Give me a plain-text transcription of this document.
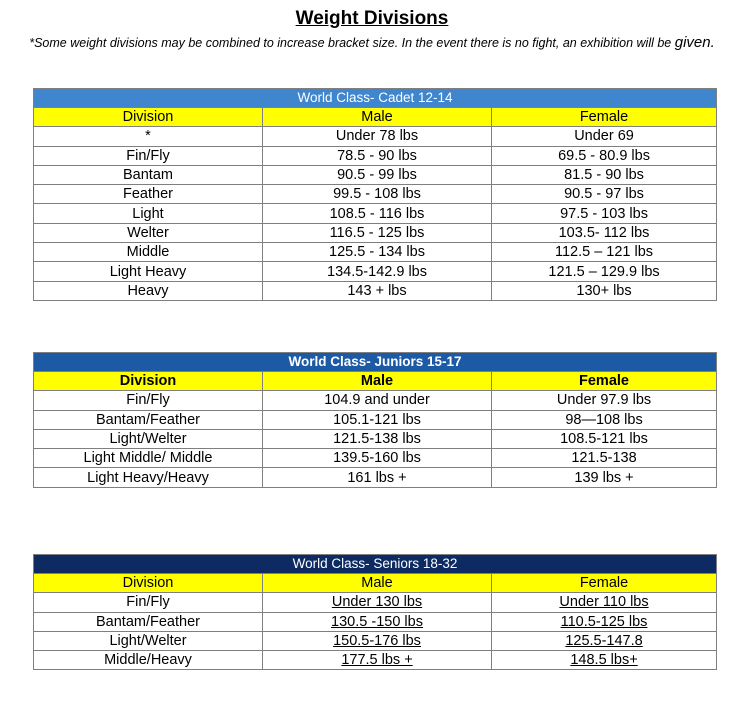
Weight Divisions
*Some weight divisions may be combined to increase bracket size. In the event there is no fight, an exhibition will be given.
World Class- Cadet 12-14		
Division	Male	Female
*	Under 78 lbs	Under 69
Fin/Fly	78.5 - 90 lbs	69.5 - 80.9 lbs
Bantam	90.5 - 99 lbs	81.5 - 90 lbs
Feather	99.5 - 108 lbs	90.5 - 97 lbs
Light	108.5 - 116 lbs	97.5 - 103 lbs
Welter	116.5 - 125 lbs	103.5- 112 lbs
Middle	125.5 - 134 lbs	112.5 – 121 lbs
Light Heavy	134.5-142.9 lbs	121.5 – 129.9 lbs
Heavy	143 + lbs	130+ lbs
World Class- Juniors 15-17		
Division	Male	Female
Fin/Fly	104.9 and under	Under 97.9 lbs
Bantam/Feather	105.1-121 lbs	98—108 lbs
Light/Welter	121.5-138 lbs	108.5-121 lbs
Light Middle/ Middle	139.5-160 lbs	121.5-138
Light Heavy/Heavy	161 lbs +	139 lbs +
World Class- Seniors 18-32		
Division	Male	Female
Fin/Fly	Under 130 lbs	Under 110 lbs
Bantam/Feather	130.5 -150 lbs	110.5-125 lbs
Light/Welter	150.5-176 lbs	125.5-147.8
Middle/Heavy	177.5 lbs +	148.5 lbs+
